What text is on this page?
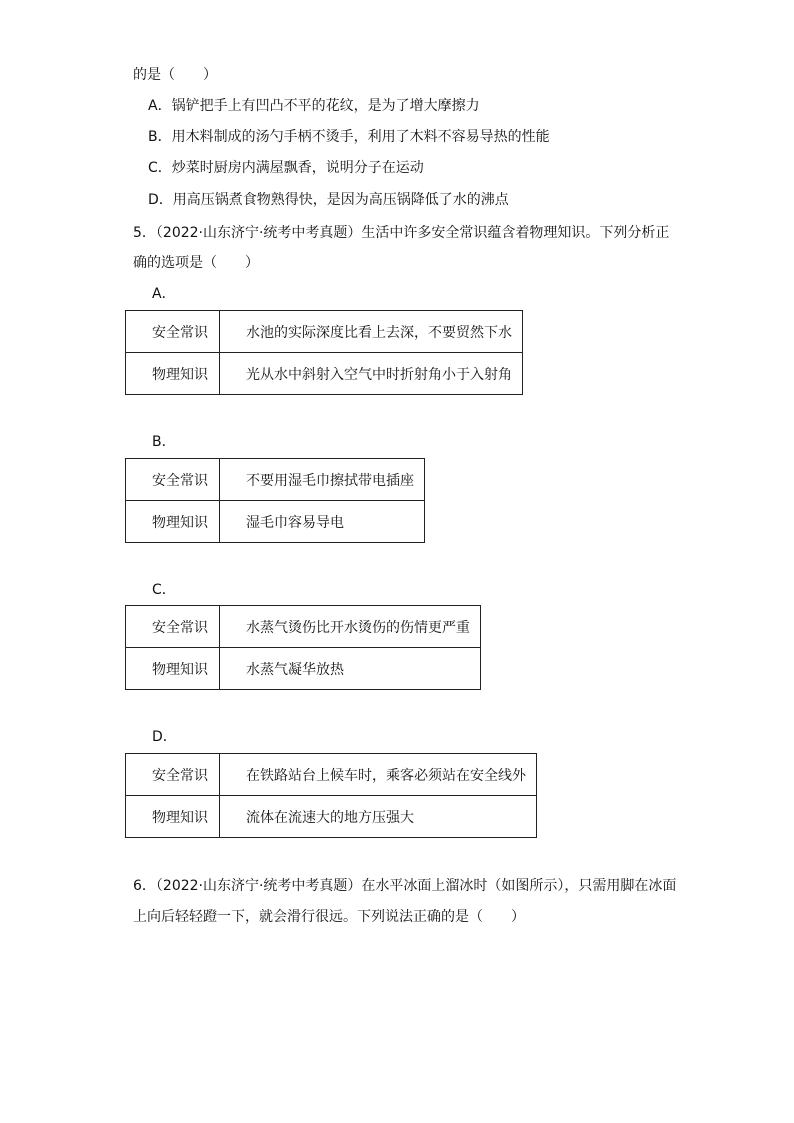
的是（　　）
A．锅铲把手上有凹凸不平的花纹，是为了增大摩擦力
B．用木料制成的汤勺手柄不烫手，利用了木料不容易导热的性能
C．炒菜时厨房内满屋飘香，说明分子在运动
D．用高压锅煮食物熟得快，是因为高压锅降低了水的沸点
5．（2022·山东济宁·统考中考真题）生活中许多安全常识蕴含着物理知识。下列分析正
确的选项是（　　）
A．
安全常识	水池的实际深度比看上去深，不要贸然下水
物理知识	光从水中斜射入空气中时折射角小于入射角
B．
安全常识	不要用湿毛巾擦拭带电插座
物理知识	湿毛巾容易导电
C．
安全常识	水蒸气烫伤比开水烫伤的伤情更严重
物理知识	水蒸气凝华放热
D．
安全常识	在铁路站台上候车时，乘客必须站在安全线外
物理知识	流体在流速大的地方压强大
6．（2022·山东济宁·统考中考真题）在水平冰面上溜冰时（如图所示），只需用脚在冰面
上向后轻轻蹬一下，就会滑行很远。下列说法正确的是（　　）
